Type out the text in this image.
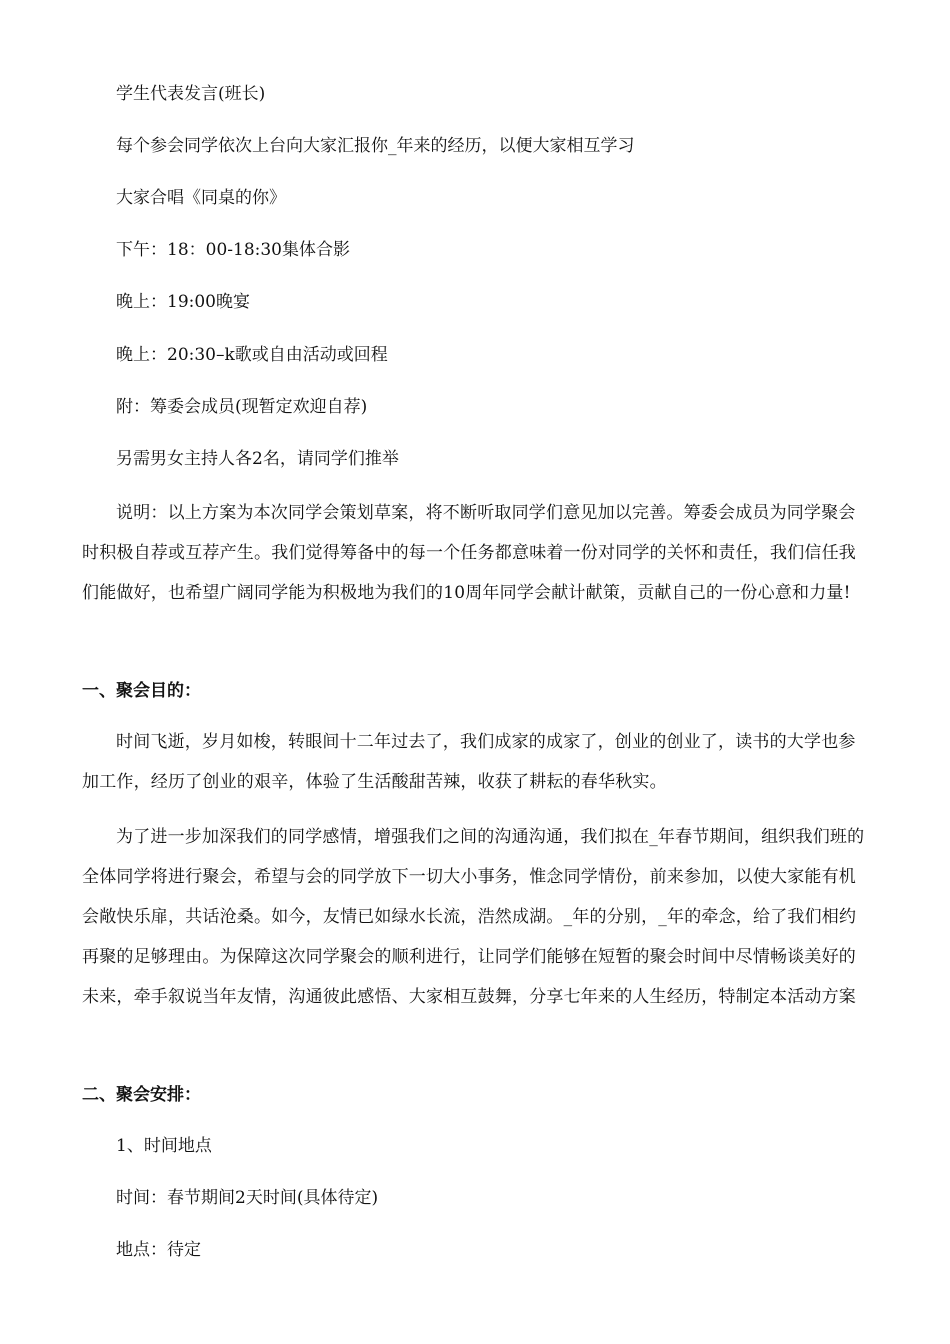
学生代表发言(班长)
每个参会同学依次上台向大家汇报你_年来的经历，以便大家相互学习
大家合唱《同桌的你》
下午：18：00-18:30集体合影
晚上：19:00晚宴
晚上：20:30–k歌或自由活动或回程
附：筹委会成员(现暂定欢迎自荐)
另需男女主持人各2名，请同学们推举
说明：以上方案为本次同学会策划草案，将不断听取同学们意见加以完善。筹委会成员为同学聚会时积极自荐或互荐产生。我们觉得筹备中的每一个任务都意味着一份对同学的关怀和责任，我们信任我们能做好，也希望广阔同学能为积极地为我们的10周年同学会献计献策，贡献自己的一份心意和力量!
一、聚会目的：
时间飞逝，岁月如梭，转眼间十二年过去了，我们成家的成家了，创业的创业了，读书的大学也参加工作，经历了创业的艰辛，体验了生活酸甜苦辣，收获了耕耘的春华秋实。
为了进一步加深我们的同学感情，增强我们之间的沟通沟通，我们拟在_年春节期间，组织我们班的全体同学将进行聚会，希望与会的同学放下一切大小事务，惟念同学情份，前来参加，以使大家能有机会敞快乐扉，共话沧桑。如今，友情已如绿水长流，浩然成湖。_年的分别，_年的牵念，给了我们相约再聚的足够理由。为保障这次同学聚会的顺利进行，让同学们能够在短暂的聚会时间中尽情畅谈美好的未来，牵手叙说当年友情，沟通彼此感悟、大家相互鼓舞，分享七年来的人生经历，特制定本活动方案
二、聚会安排：
1、时间地点
时间：春节期间2天时间(具体待定)
地点：待定
